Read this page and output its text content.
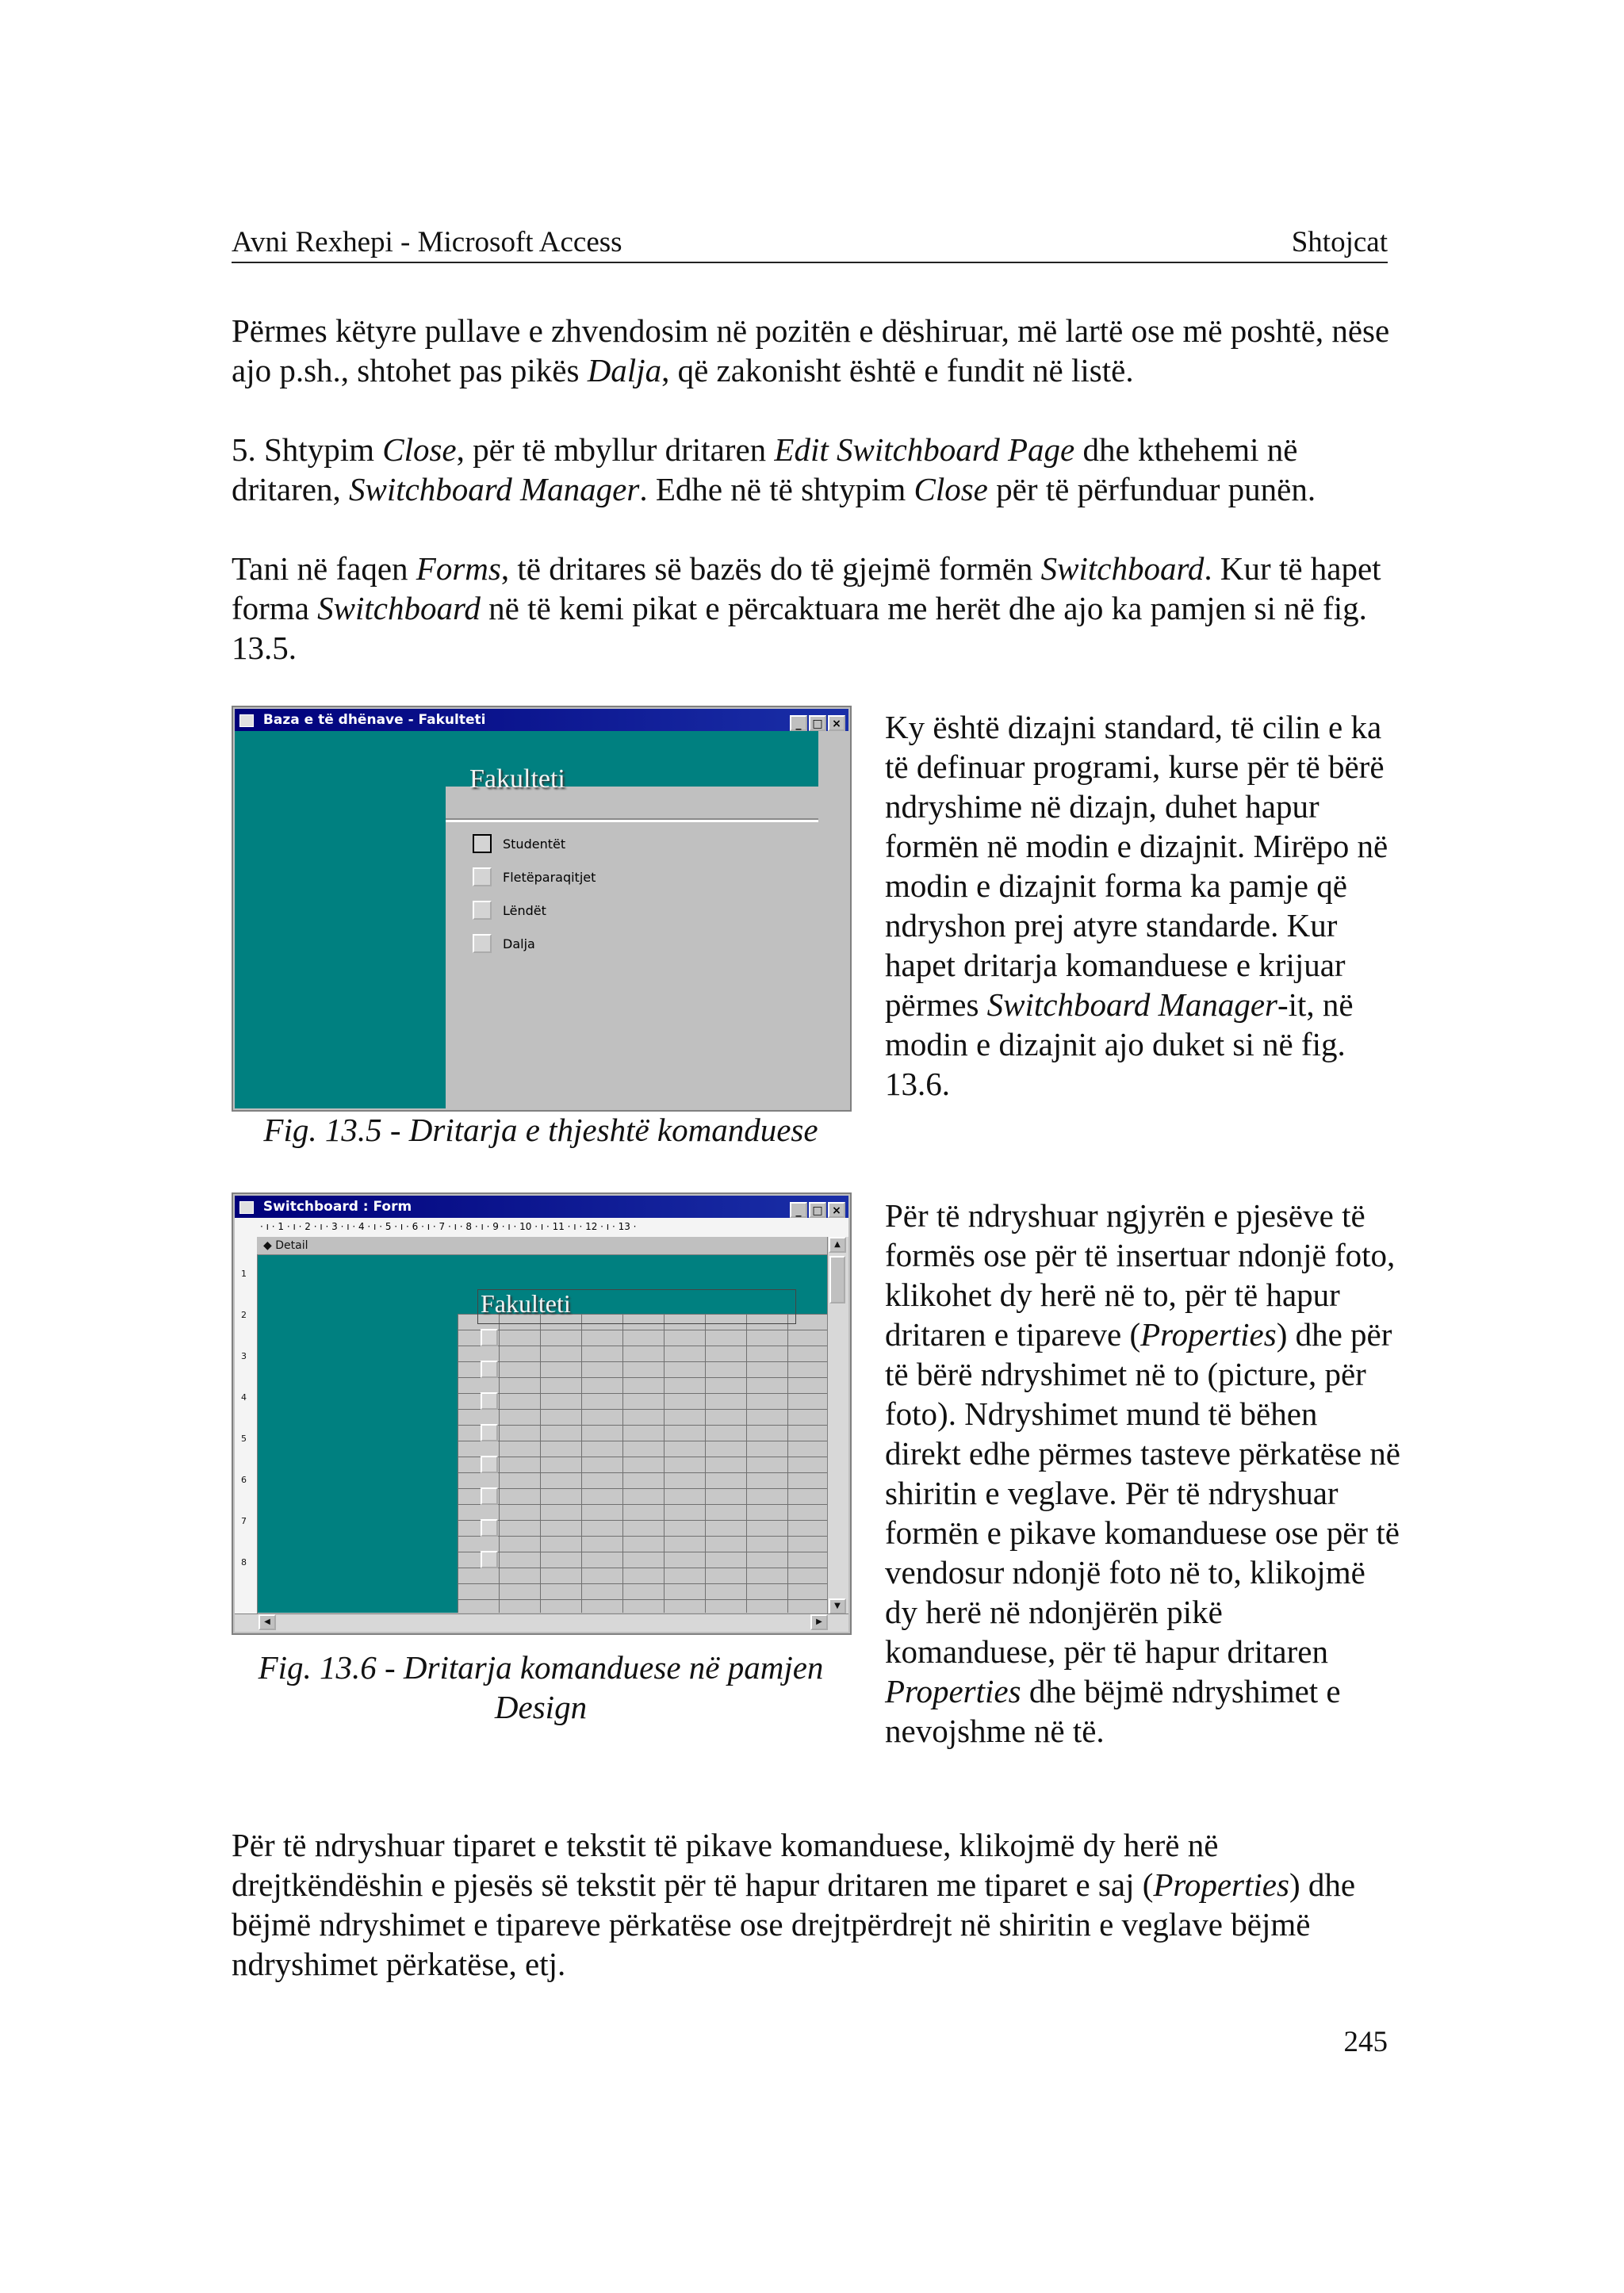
Avni Rexhepi - Microsoft Access	Shtojcat

Përmes këtyre pullave e zhvendosim në pozitën e dëshiruar, më lartë ose më poshtë, nëse ajo p.sh., shtohet pas pikës Dalja, që zakonisht është e fundit në listë.

5. Shtypim Close, për të mbyllur dritaren Edit Switchboard Page dhe kthehemi në dritaren, Switchboard Manager. Edhe në të shtypim Close për të përfunduar punën.

Tani në faqen Forms, të dritares së bazës do të gjejmë formën Switchboard. Kur të hapet forma Switchboard në të kemi pikat e përcaktuara me herët dhe ajo ka pamjen si në fig. 13.5.

Baza e të dhënave - Fakulteti	_ □ ×
Fakulteti
Studentët
Fletëparaqitjet
Lëndët
Dalja
Fig. 13.5 - Dritarja e thjeshtë komanduese

Ky është dizajni standard, të cilin e ka të definuar programi, kurse për të bërë ndryshime në dizajn, duhet hapur formën në modin e dizajnit. Mirëpo në modin e dizajnit forma ka pamje që ndryshon prej atyre standarde. Kur hapet dritarja komanduese e krijuar përmes Switchboard Manager-it, në modin e dizajnit ajo duket si në fig. 13.6.

Switchboard : Form	_ □ ×
· ı · 1 · ı · 2 · ı · 3 · ı · 4 · ı · 5 · ı · 6 · ı · 7 · ı · 8 · ı · 9 · ı · 10 · ı · 11 · ı · 12 · ı · 13 ·
1
2
3
4
5
6
7
8
◆ Detail
Fakulteti
▲
▼
◀	▶
Fig. 13.6 - Dritarja komanduese në pamjen Design

Për të ndryshuar ngjyrën e pjesëve të formës ose për të insertuar ndonjë foto, klikohet dy herë në to, për të hapur dritaren e tipareve (Properties) dhe për të bërë ndryshimet në to (picture, për foto). Ndryshimet mund të bëhen direkt edhe përmes tasteve përkatëse në shiritin e veglave. Për të ndryshuar formën e pikave komanduese ose për të vendosur ndonjë foto në to, klikojmë dy herë në ndonjërën pikë komanduese, për të hapur dritaren Properties dhe bëjmë ndryshimet e nevojshme në të.

Për të ndryshuar tiparet e tekstit të pikave komanduese, klikojmë dy herë në drejtkëndëshin e pjesës së tekstit për të hapur dritaren me tiparet e saj (Properties) dhe bëjmë ndryshimet e tipareve përkatëse ose drejtpërdrejt në shiritin e veglave bëjmë ndryshimet përkatëse, etj.

245
